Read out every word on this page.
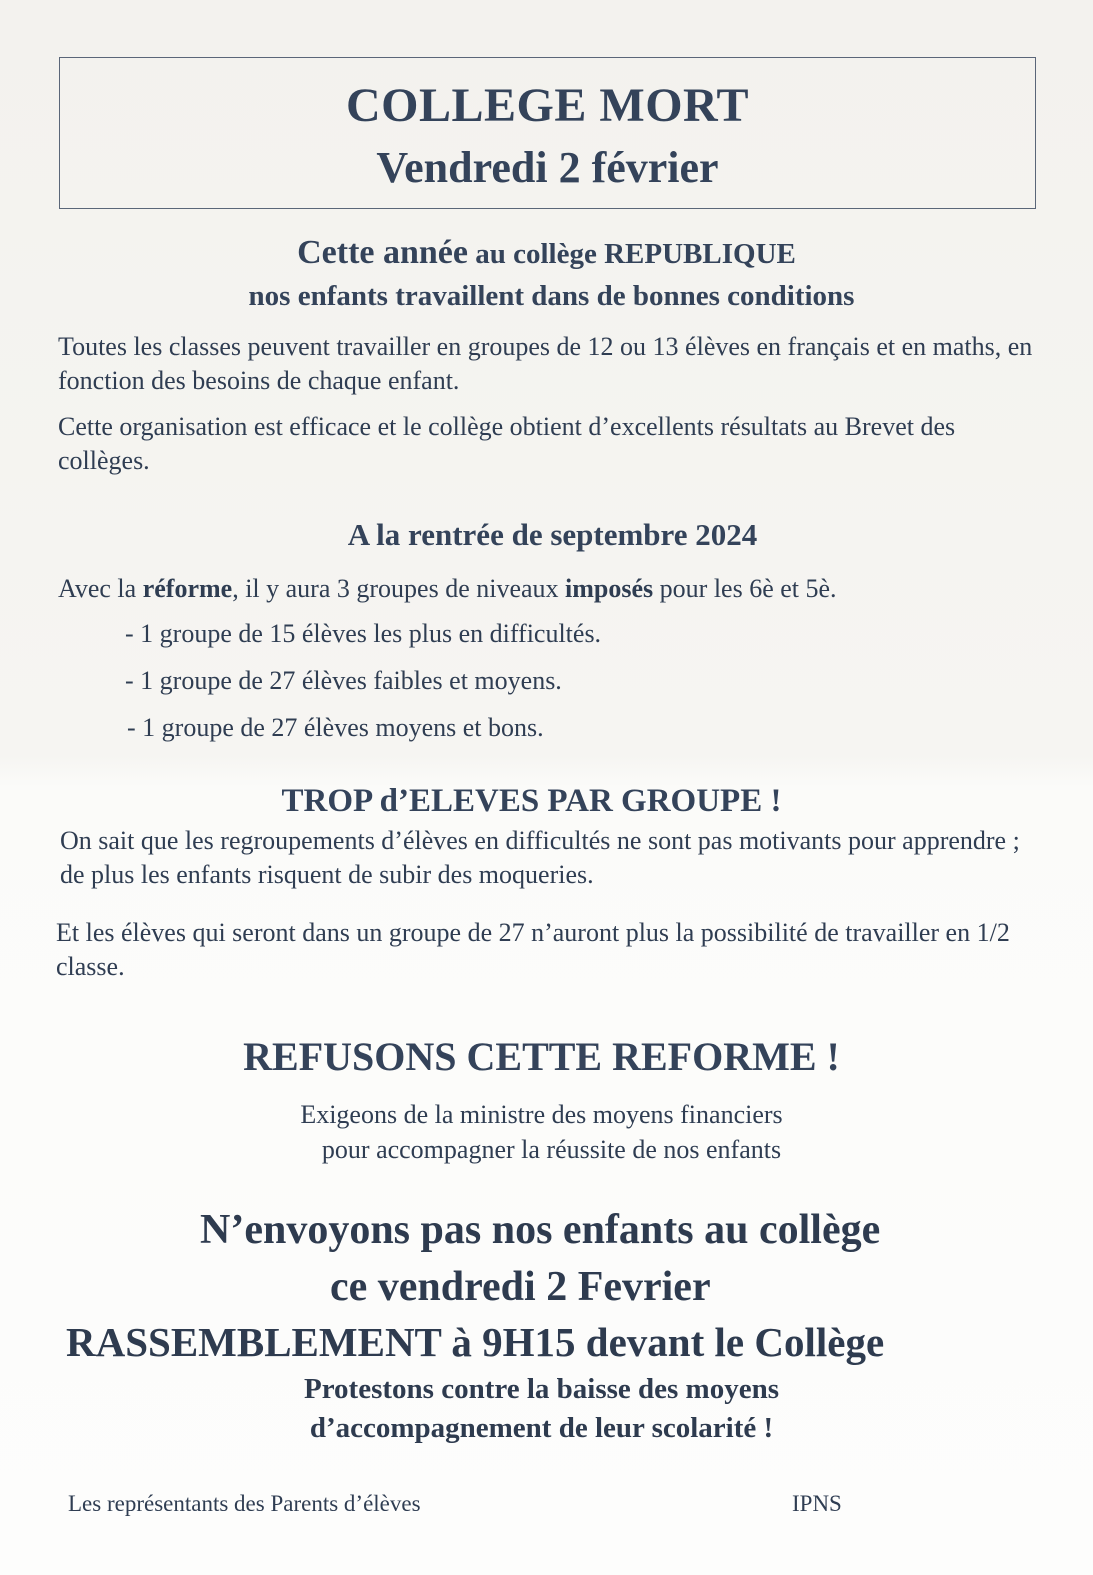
COLLEGE MORT
Vendredi 2 février
Cette année au collège REPUBLIQUE
nos enfants travaillent dans de bonnes conditions
Toutes les classes peuvent travailler en groupes de 12 ou 13 élèves en français et en maths, en fonction des besoins de chaque enfant.
Cette organisation est efficace et le collège obtient d’excellents résultats au Brevet des collèges.
A la rentrée de septembre 2024
Avec la réforme, il y aura 3 groupes de niveaux imposés pour les 6è et 5è.
- 1 groupe de 15 élèves les plus en difficultés.
- 1 groupe de 27 élèves faibles et moyens.
- 1 groupe de 27 élèves moyens et bons.
TROP d’ELEVES PAR GROUPE !
On sait que les regroupements d’élèves en difficultés ne sont pas motivants pour apprendre ; de plus les enfants risquent de subir des moqueries.
Et les élèves qui seront dans un groupe de 27 n’auront plus la possibilité de travailler en 1/2 classe.
REFUSONS CETTE REFORME !
Exigeons de la ministre des moyens financiers
pour accompagner la réussite de nos enfants
N’envoyons pas nos enfants au collège
ce vendredi 2 Fevrier
RASSEMBLEMENT à 9H15 devant le Collège
Protestons contre la baisse des moyens
d’accompagnement de leur scolarité !
Les représentants des Parents d’élèves	IPNS
